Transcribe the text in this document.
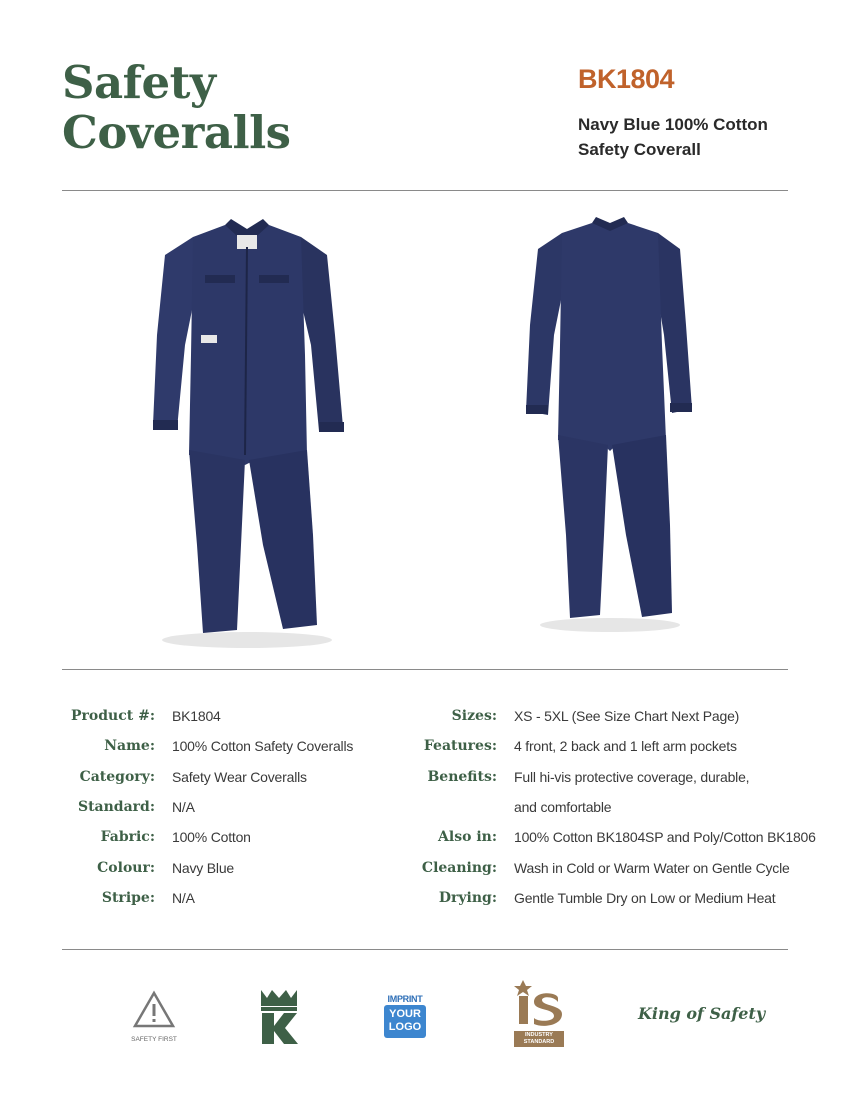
Safety
Coveralls
BK1804
Navy Blue 100% Cotton
Safety Coverall
Product #: BK1804
Name: 100% Cotton Safety Coveralls
Category: Safety Wear Coveralls
Standard: N/A
Fabric: 100% Cotton
Colour: Navy Blue
Stripe: N/A
Sizes: XS - 5XL (See Size Chart Next Page)
Features: 4 front, 2 back and 1 left arm pockets
Benefits: Full hi-vis protective coverage, durable,
and comfortable
Also in: 100% Cotton BK1804SP and Poly/Cotton BK1806
Cleaning: Wash in Cold or Warm Water on Gentle Cycle
Drying: Gentle Tumble Dry on Low or Medium Heat
SAFETY FIRST
IMPRINT
YOUR
LOGO
INDUSTRY
STANDARD
King of Safety
